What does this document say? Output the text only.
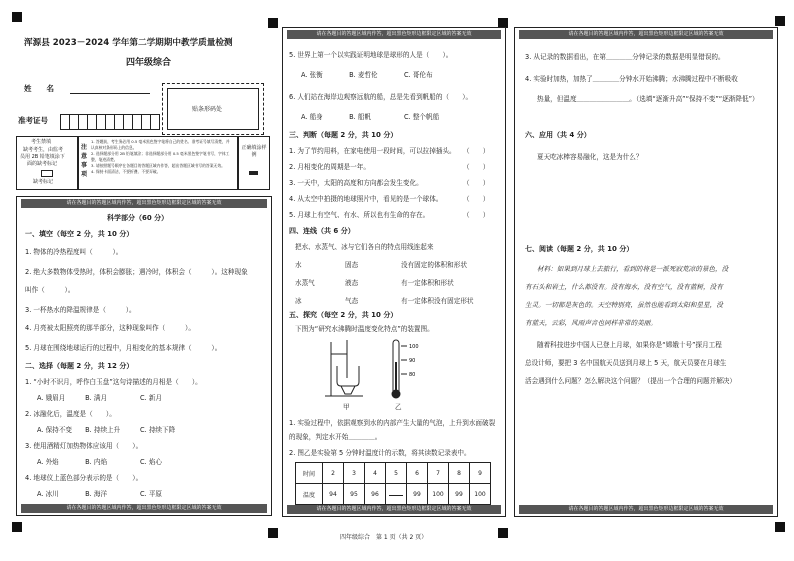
浑源县 2023－2024 学年第二学期期中教学质量检测
四年级综合
姓　　名
准考证号
贴条形码处
考生禁填
缺考考生，由监考
员用 2B 铅笔填涂下
面的缺考标记
缺考标记
注意事项
1. 答题前，考生务必用 0.5 毫米黑色签字笔将自己的姓名、准考证号填写清楚，并认真核对条形码上的信息。
2. 选择题部分用 2B 铅笔填涂；非选择题部分用 0.5 毫米黑色签字笔书写，字体工整，笔迹清楚。
3. 请按照题号顺序在各题目的答题区域内作答，超出答题区域书写的答案无效。
4. 保持卡面清洁，不要折叠、不要弄破。
正确填涂样例
请在各题目的答题区域内作答，超出黑色矩形边框限定区域的答案无效
科学部分（60 分）
一、填空（每空 2 分，共 10 分）
1. 物体的冷热程度叫（　　　）。
2. 绝大多数物体受热时，体积会膨胀；遇冷时，体积会（　　　）。这种现象
叫作（　　　）。
3. 一杯热水的降温规律是（　　　）。
4. 月亮被太阳照亮的那半部分，这种现象叫作（　　　）。
5. 月球在围绕地球运行的过程中，月相变化的基本规律（　　　）。
二、选择（每题 2 分，共 12 分）
1. “小时不识月，呼作白玉盘”这句诗描述的月相是（　　）。
A. 娥眉月　　　B. 满月　　　　　C. 新月
2. 冰融化后，温度是（　　）。
A. 保持不变　　B. 持续上升　　　C. 持续下降
3. 使用酒精灯加热物体应该用（　　）。
A. 外焰　　　　B. 内焰　　　　　C. 焰心
4. 地球仪上蓝色部分表示的是（　　）。
A. 冰川　　　　B. 海洋　　　　　C. 平原
请在各题目的答题区域内作答，超出黑色矩形边框限定区域的答案无效
请在各题目的答题区域内作答，超出黑色矩形边框限定区域的答案无效
5. 世界上第一个以实践证明地球是球形的人是（　　）。
A. 张衡　　　　B. 麦哲伦　　　　C. 哥伦布
6. 人们站在海岸边观察远航的船，总是先看到帆船的（　　）。
A. 船身　　　　B. 船帆　　　　　C. 整个帆船
三、判断（每题 2 分，共 10 分）
1. 为了节约用料，在家电使用一段时间，可以拉掉插头。 （　　）
2. 月相变化的周期是一年。	（　　）
3. 一天中，太阳的高度和方向都会发生变化。	（　　）
4. 从太空中拍摄的地球照片中，看见的是一个球体。	（　　）
5. 月球上有空气、有水、所以也有生命的存在。	（　　）
四、连线（共 6 分）
把水、水蒸气、冰与它们各自的特点用线连起来
水	固态	没有固定的体积和形状
水蒸气	液态	有一定体积和形状
冰	气态	有一定体积没有固定形状
五、探究（每空 2 分，共 10 分）
下图为“研究水沸腾时温度变化特点”的装置图。
100
90
80
甲	乙
1. 实验过程中，依据观察到水的内部产生大量的气泡，上升到水面破裂
的现象，判定水开始＿＿＿＿。
2. 图乙是实验第 5 分钟时温度计的示数，将其读数记录表中。
时间	2	3	4	5	6	7	8	9
温度	94	95	96		99	100	99	100
请在各题目的答题区域内作答，超出黑色矩形边框限定区域的答案无效
请在各题目的答题区域内作答，超出黑色矩形边框限定区域的答案无效
3. 从记录的数据看出，在第＿＿＿＿分钟记录的数据是明显错误的。
4. 实验时加热，加热了＿＿＿＿分钟水开始沸腾；水沸腾过程中不断吸收
热量，但温度＿＿＿＿＿＿＿＿。（选填“逐渐升高”“保持不变”“逐渐降低”）
六、应用（共 4 分）
夏天吃冰棒容易融化，这是为什么？
七、阅读（每题 2 分，共 10 分）
材料：如果到月球上去旅行，看到的将是一派死寂荒凉的景色，没
有石头和岩土，什么都没有。没有海水，没有空气，没有蓝树，没有
生灵。一切都是灰色的。天空特别亮，虽然也能看到太阳和星星，没
有蓝天，云彩，风雨声音也同样非常的美丽。
随着科技进步中国人已登上月球，如果你是“嫦娥十号”探月工程
总设计师，要把 3 名中国航天员送到月球上 5 天，航天员要在月球生
活会遇到什么问题？怎么解决这个问题？（提出一个合理的问题并解决）
请在各题目的答题区域内作答，超出黑色矩形边框限定区域的答案无效
四年级综合　第 1 页（共 2 页）
